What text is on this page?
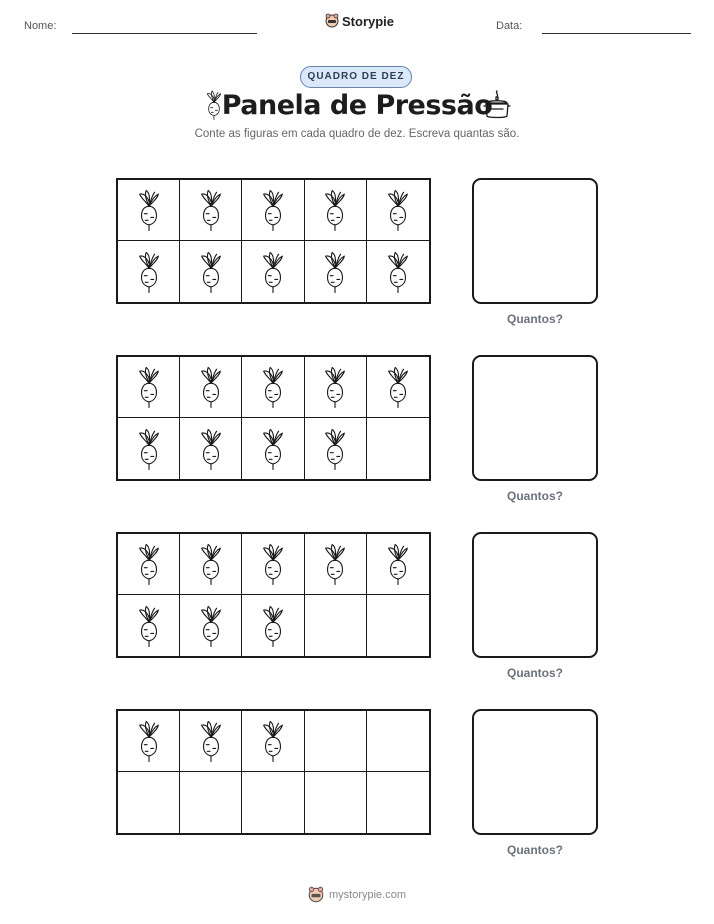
Nome:	Storypie	Data:
QUADRO DE DEZ
Panela de Pressão
Conte as figuras em cada quadro de dez. Escreva quantas são.
Quantos?
Quantos?
Quantos?
Quantos?
mystorypie.com
